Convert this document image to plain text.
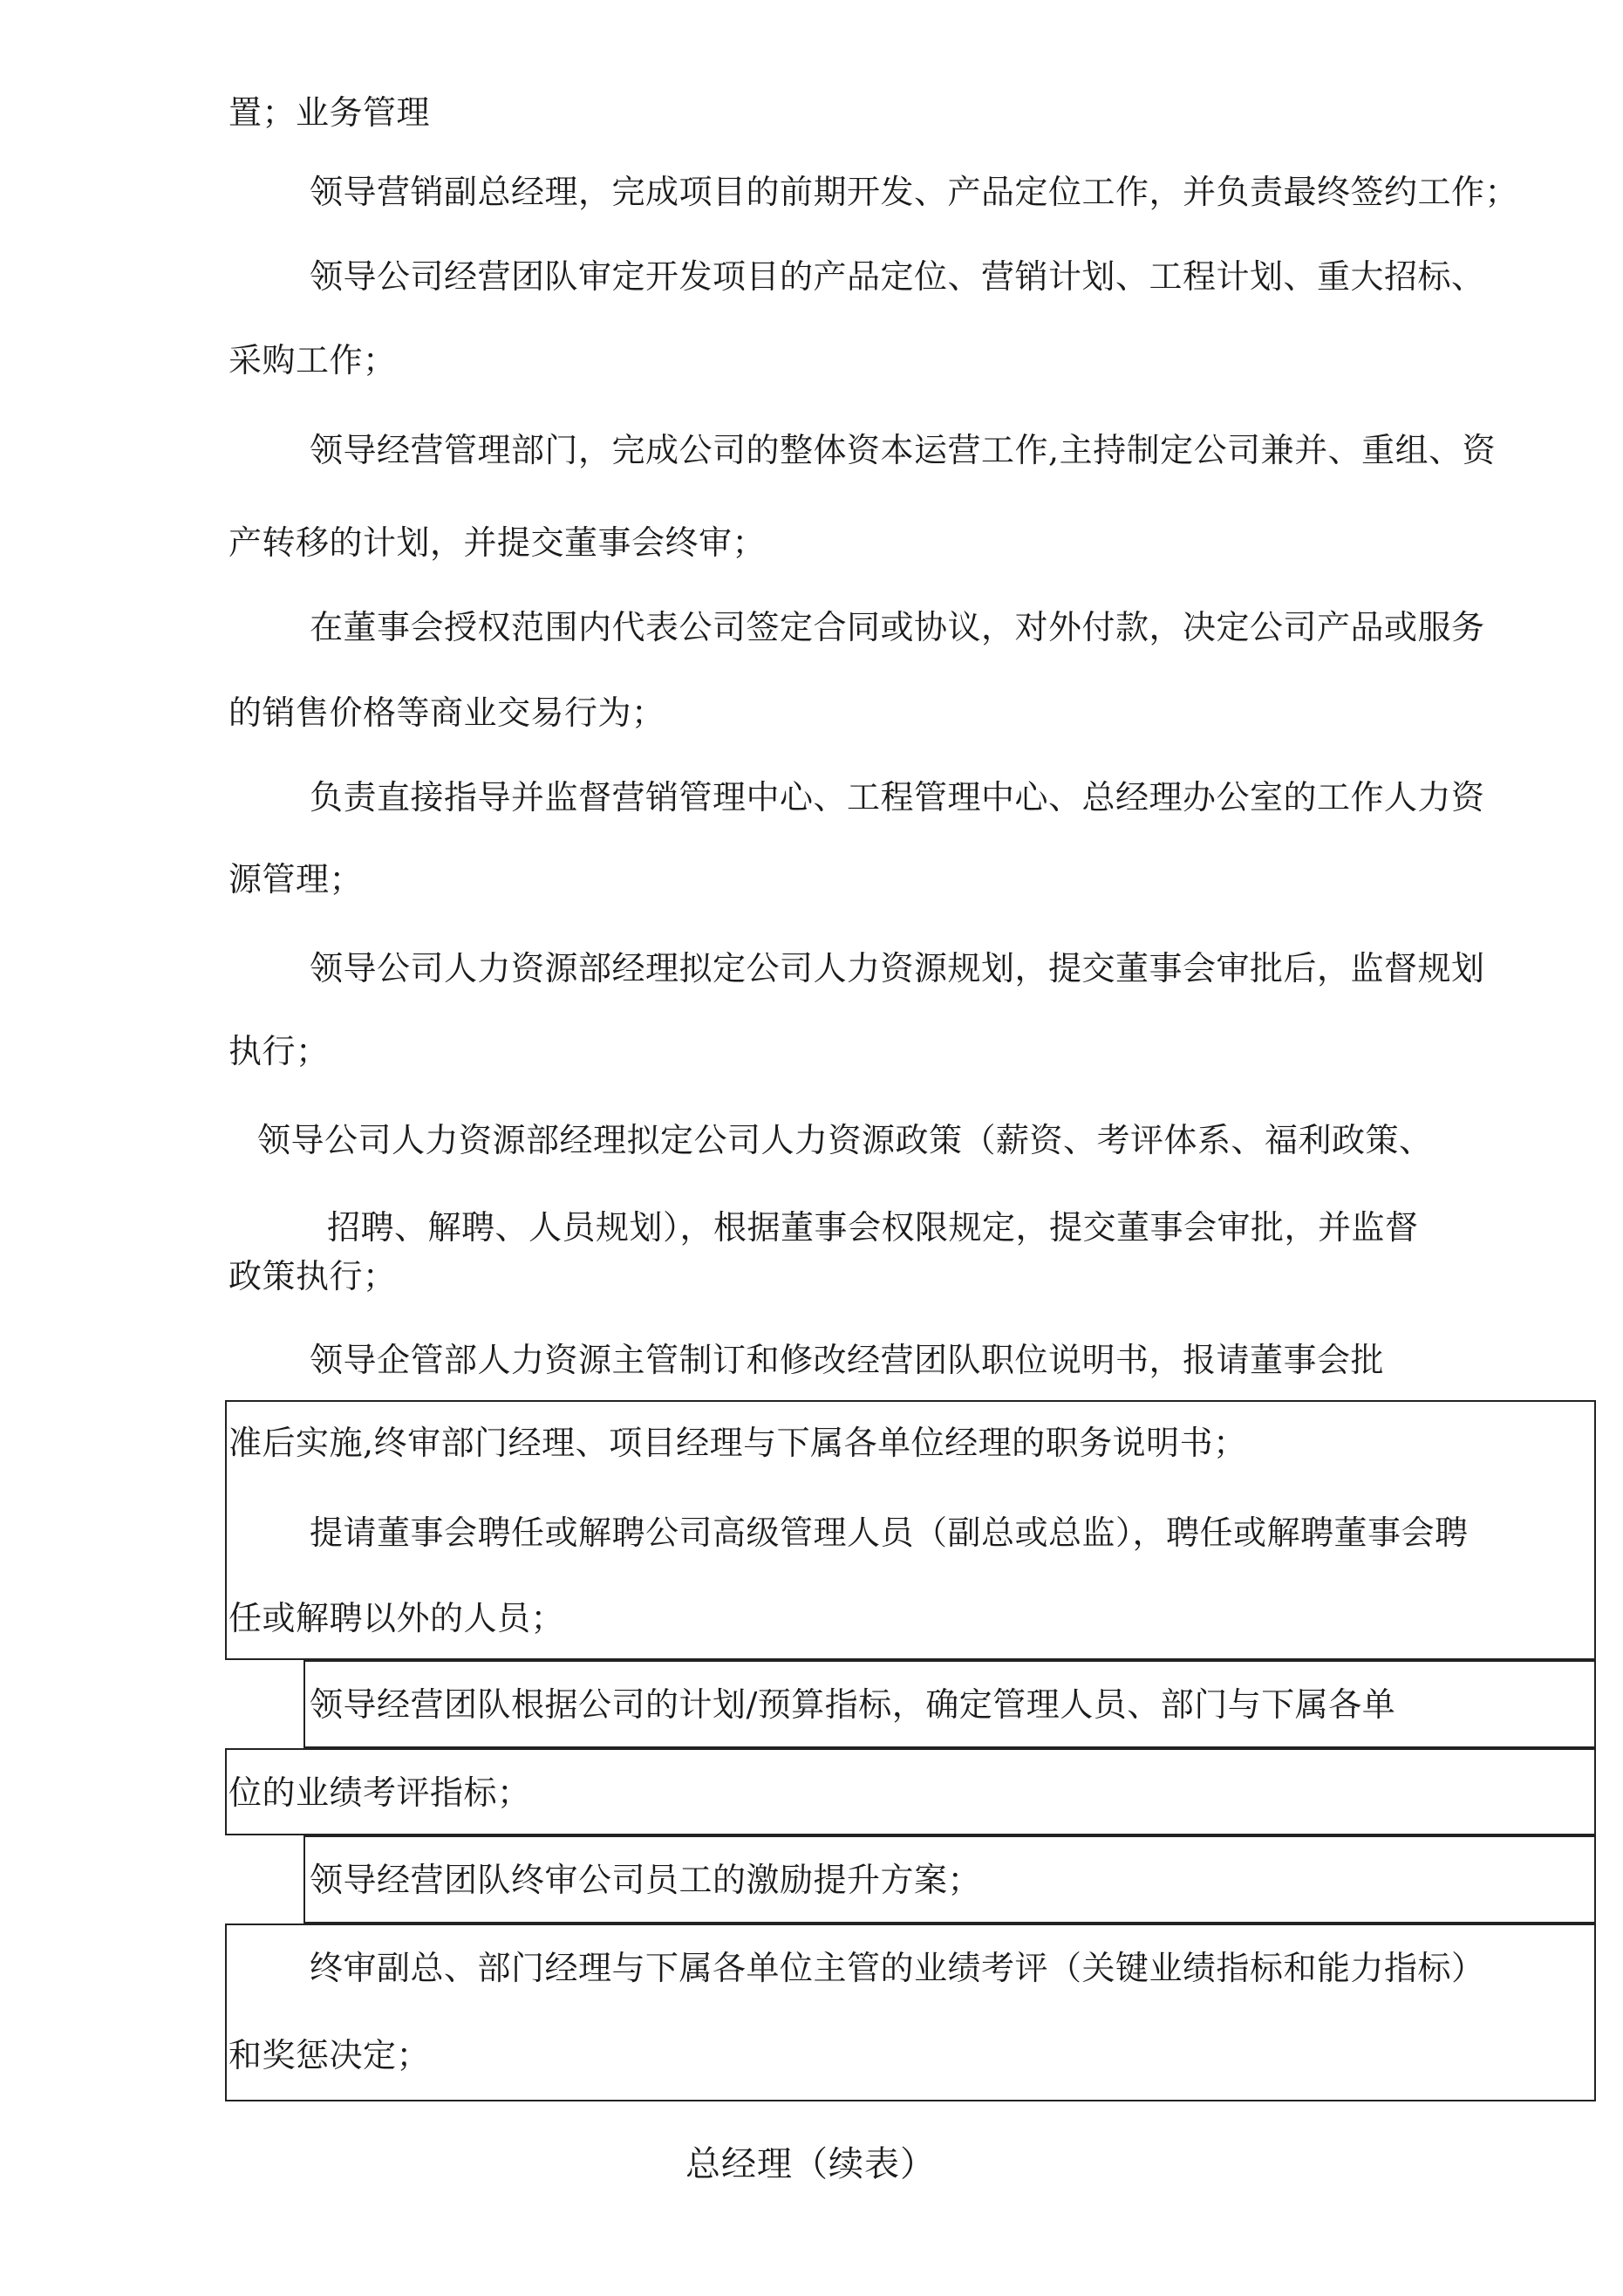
置；业务管理
领导营销副总经理，完成项目的前期开发、产品定位工作，并负责最终签约工作；
领导公司经营团队审定开发项目的产品定位、营销计划、工程计划、重大招标、
采购工作；
领导经营管理部门，完成公司的整体资本运营工作,主持制定公司兼并、重组、资
产转移的计划，并提交董事会终审；
在董事会授权范围内代表公司签定合同或协议，对外付款，决定公司产品或服务
的销售价格等商业交易行为；
负责直接指导并监督营销管理中心、工程管理中心、总经理办公室的工作人力资
源管理；
领导公司人力资源部经理拟定公司人力资源规划，提交董事会审批后，监督规划
执行；
领导公司人力资源部经理拟定公司人力资源政策（薪资、考评体系、福利政策、
招聘、解聘、人员规划），根据董事会权限规定，提交董事会审批，并监督
政策执行；
领导企管部人力资源主管制订和修改经营团队职位说明书，报请董事会批
准后实施,终审部门经理、项目经理与下属各单位经理的职务说明书；
提请董事会聘任或解聘公司高级管理人员（副总或总监），聘任或解聘董事会聘
任或解聘以外的人员；
领导经营团队根据公司的计划/预算指标，确定管理人员、部门与下属各单
位的业绩考评指标；
领导经营团队终审公司员工的激励提升方案；
终审副总、部门经理与下属各单位主管的业绩考评（关键业绩指标和能力指标）
和奖惩决定；
总经理（续表）
